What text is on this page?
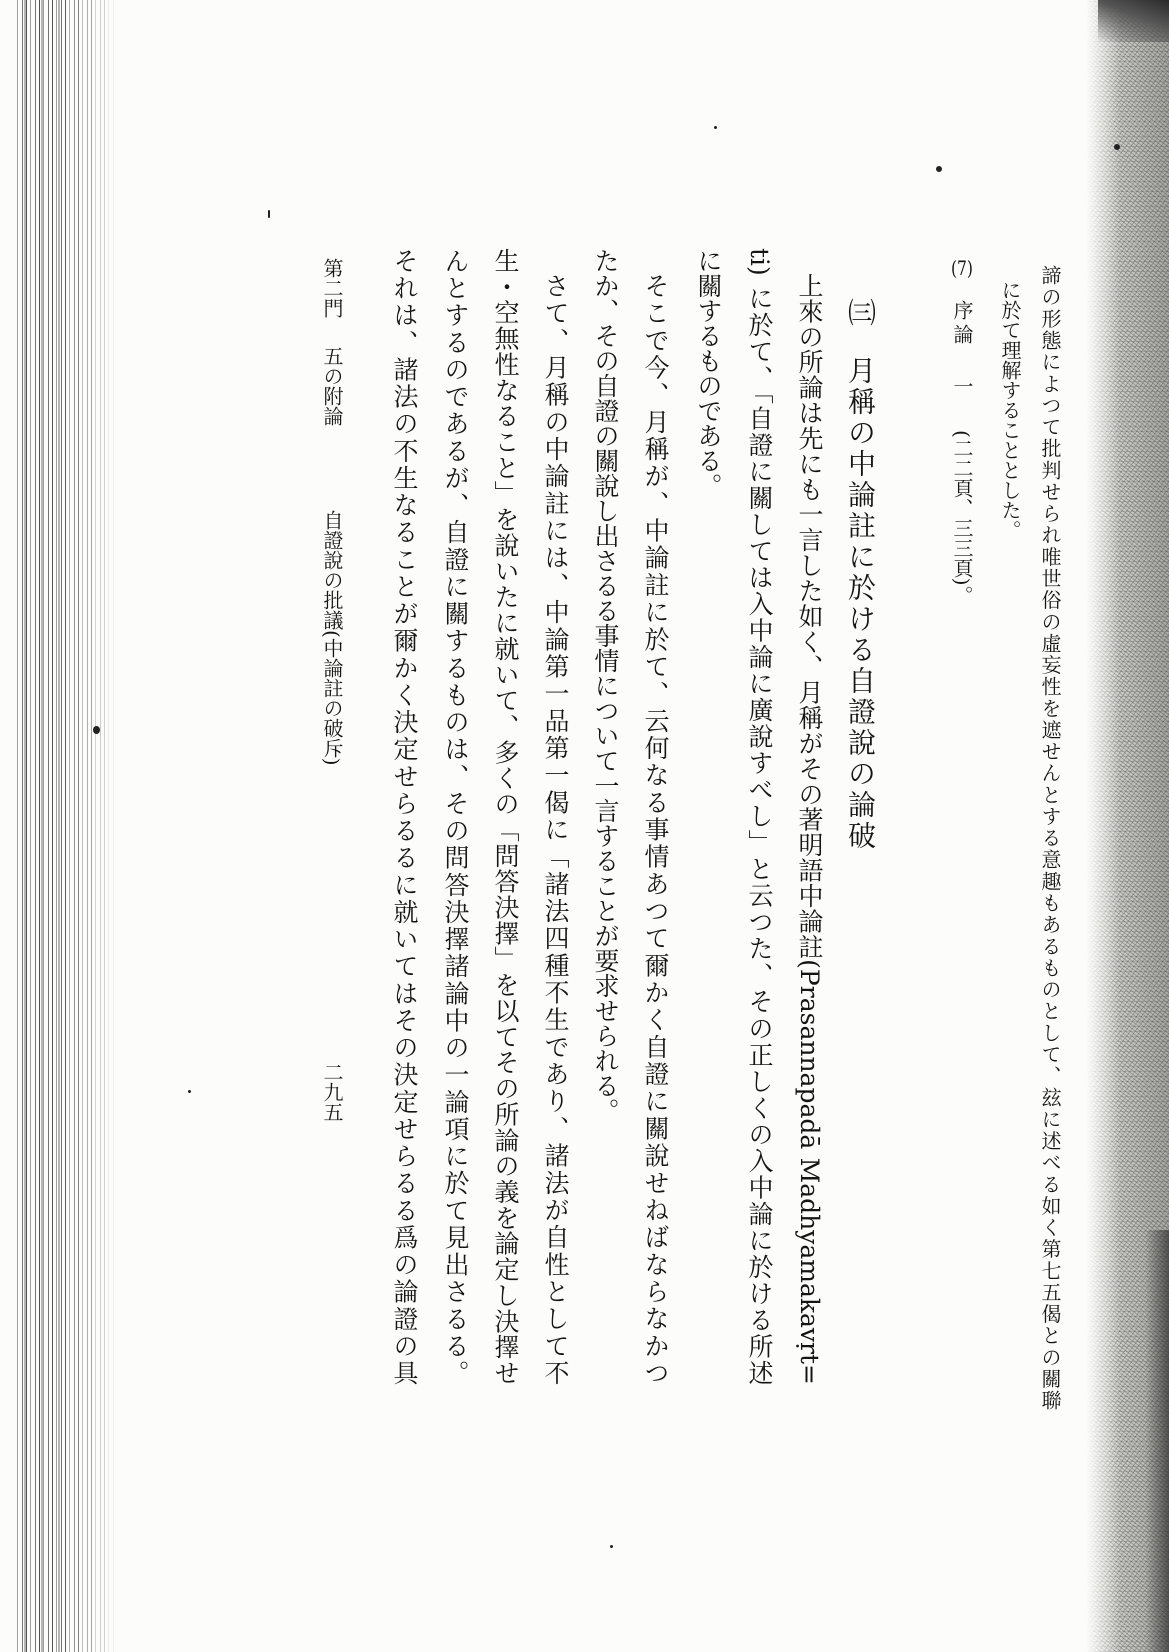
諦の形態によつて批判せられ唯世俗の虛妄性を遮せんとする意趣もあるものとして、玆に述べる如く第七五偈との關聯
に於て理解することとした。
(7)
序論
一
(二二頁、三三頁)。
㈢
月稱の中論註に於ける自證說の論破
上來の所論は先にも一言した如く、月稱がその著明語中論註(Prasannapadā Madhyamakavṛt=
ti) に於て、「自證に關しては入中論に廣說すべし」と云つた、その正しくの入中論に於ける所述
に關するものである。
そこで今、月稱が、中論註に於て、云何なる事情あつて爾かく自證に關說せねばならなかつ
たか、その自證の關說し出さるる事情について一言することが要求せられる。
さて、月稱の中論註には、中論第一品第一偈に「諸法四種不生であり、諸法が自性として不
生・空無性なること」を說いたに就いて、多くの「問答決擇」を以てその所論の義を論定し決擇せ
んとするのであるが、自證に關するものは、その問答決擇諸論中の一論項に於て見出さるる。
それは、諸法の不生なることが爾かく決定せらるるに就いてはその決定せらるる爲の論證の具
第二門
五の附論
自證說の批議(中論註の破斥)
二九五
